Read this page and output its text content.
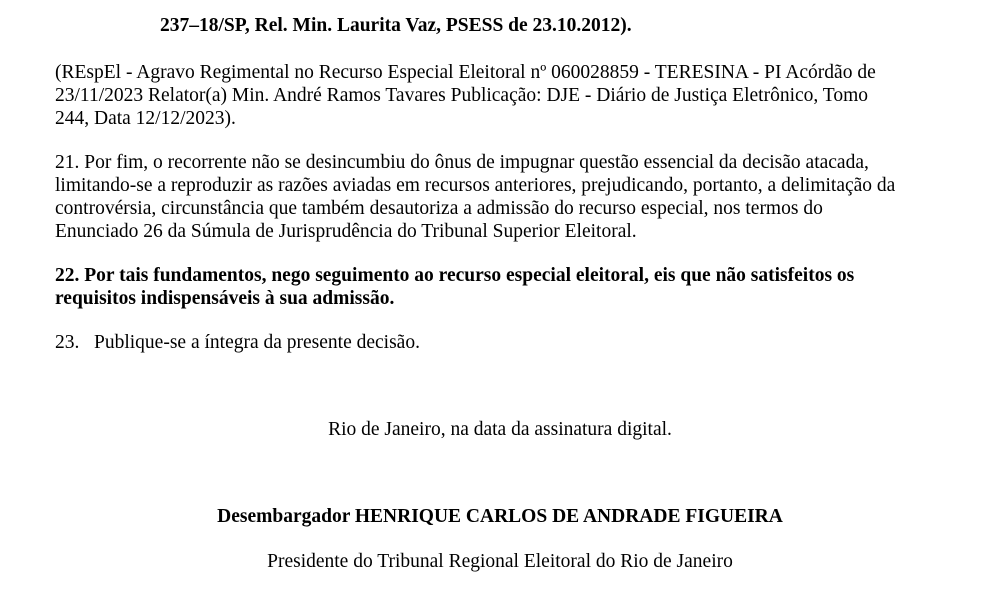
237–18/SP, Rel. Min. Laurita Vaz, PSESS de 23.10.2012).
(REspEl - Agravo Regimental no Recurso Especial Eleitoral nº 060028859 - TERESINA - PI Acórdão de
23/11/2023 Relator(a) Min. André Ramos Tavares Publicação: DJE - Diário de Justiça Eletrônico, Tomo
244, Data 12/12/2023).
21. Por fim, o recorrente não se desincumbiu do ônus de impugnar questão essencial da decisão atacada,
limitando-se a reproduzir as razões aviadas em recursos anteriores, prejudicando, portanto, a delimitação da
controvérsia, circunstância que também desautoriza a admissão do recurso especial, nos termos do
Enunciado 26 da Súmula de Jurisprudência do Tribunal Superior Eleitoral.
22. Por tais fundamentos, nego seguimento ao recurso especial eleitoral, eis que não satisfeitos os
requisitos indispensáveis à sua admissão.
23.   Publique-se a íntegra da presente decisão.
Rio de Janeiro, na data da assinatura digital.
Desembargador HENRIQUE CARLOS DE ANDRADE FIGUEIRA
Presidente do Tribunal Regional Eleitoral do Rio de Janeiro
